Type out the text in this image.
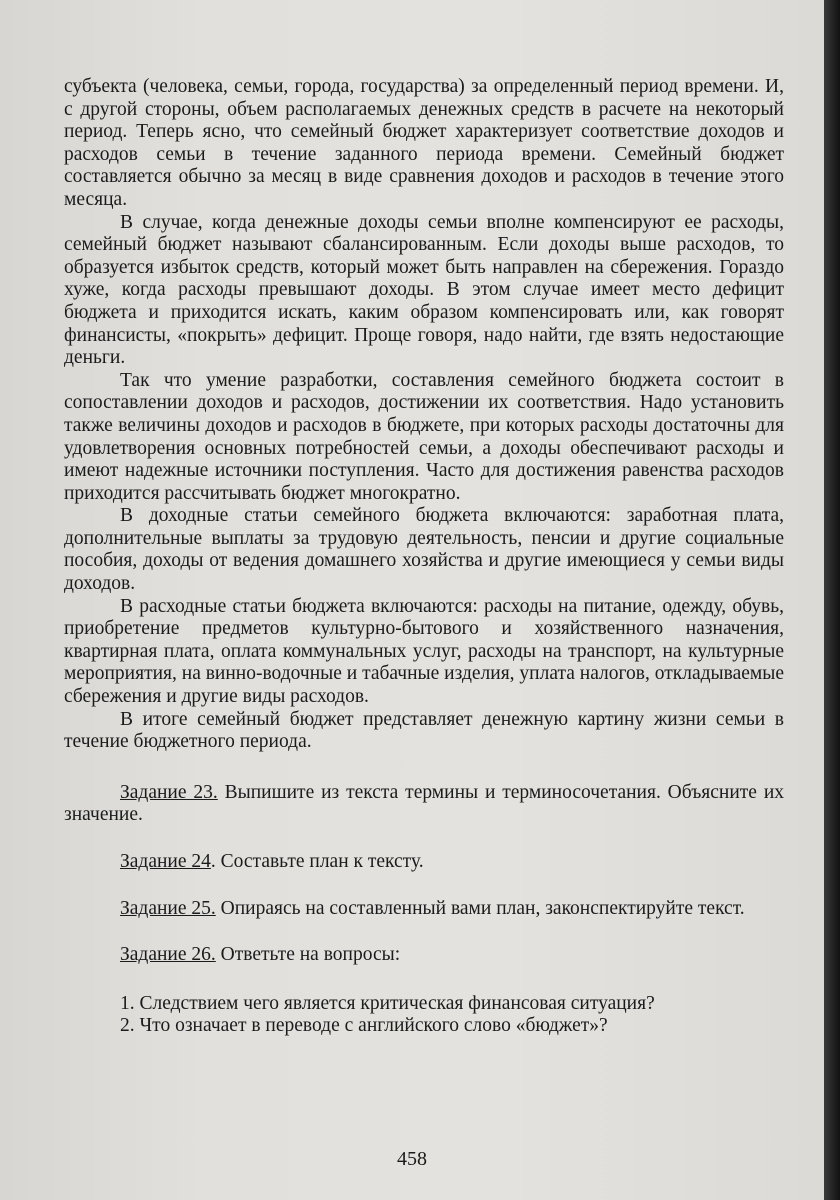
субъекта (человека, семьи, города, государства) за определенный период времени. И, с другой стороны, объем располагаемых денежных средств в расчете на некоторый период. Теперь ясно, что семейный бюджет характеризует соответствие доходов и расходов семьи в течение заданного периода времени. Семейный бюджет составляется обычно за месяц в виде сравнения доходов и расходов в течение этого месяца.

В случае, когда денежные доходы семьи вполне компенсируют ее расходы, семейный бюджет называют сбалансированным. Если доходы выше расходов, то образуется избыток средств, который может быть направлен на сбережения. Гораздо хуже, когда расходы превышают доходы. В этом случае имеет место дефицит бюджета и приходится искать, каким образом компенсировать или, как говорят финансисты, «покрыть» дефицит. Проще говоря, надо найти, где взять недостающие деньги.

Так что умение разработки, составления семейного бюджета состоит в сопоставлении доходов и расходов, достижении их соответствия. Надо установить также величины доходов и расходов в бюджете, при которых расходы достаточны для удовлетворения основных потребностей семьи, а доходы обеспечивают расходы и имеют надежные источники поступления. Часто для достижения равенства расходов приходится рассчитывать бюджет многократно.

В доходные статьи семейного бюджета включаются: заработная плата, дополнительные выплаты за трудовую деятельность, пенсии и другие социальные пособия, доходы от ведения домашнего хозяйства и другие имеющиеся у семьи виды доходов.

В расходные статьи бюджета включаются: расходы на питание, одежду, обувь, приобретение предметов культурно-бытового и хозяйственного назначения, квартирная плата, оплата коммунальных услуг, расходы на транспорт, на культурные мероприятия, на винно-водочные и табачные изделия, уплата налогов, откладываемые сбережения и другие виды расходов.

В итоге семейный бюджет представляет денежную картину жизни семьи в течение бюджетного периода.

Задание 23. Выпишите из текста термины и терминосочетания. Объясните их значение.

Задание 24. Составьте план к тексту.

Задание 25. Опираясь на составленный вами план, законспектируйте текст.

Задание 26. Ответьте на вопросы:

1. Следствием чего является критическая финансовая ситуация?
2. Что означает в переводе с английского слово «бюджет»?
458
